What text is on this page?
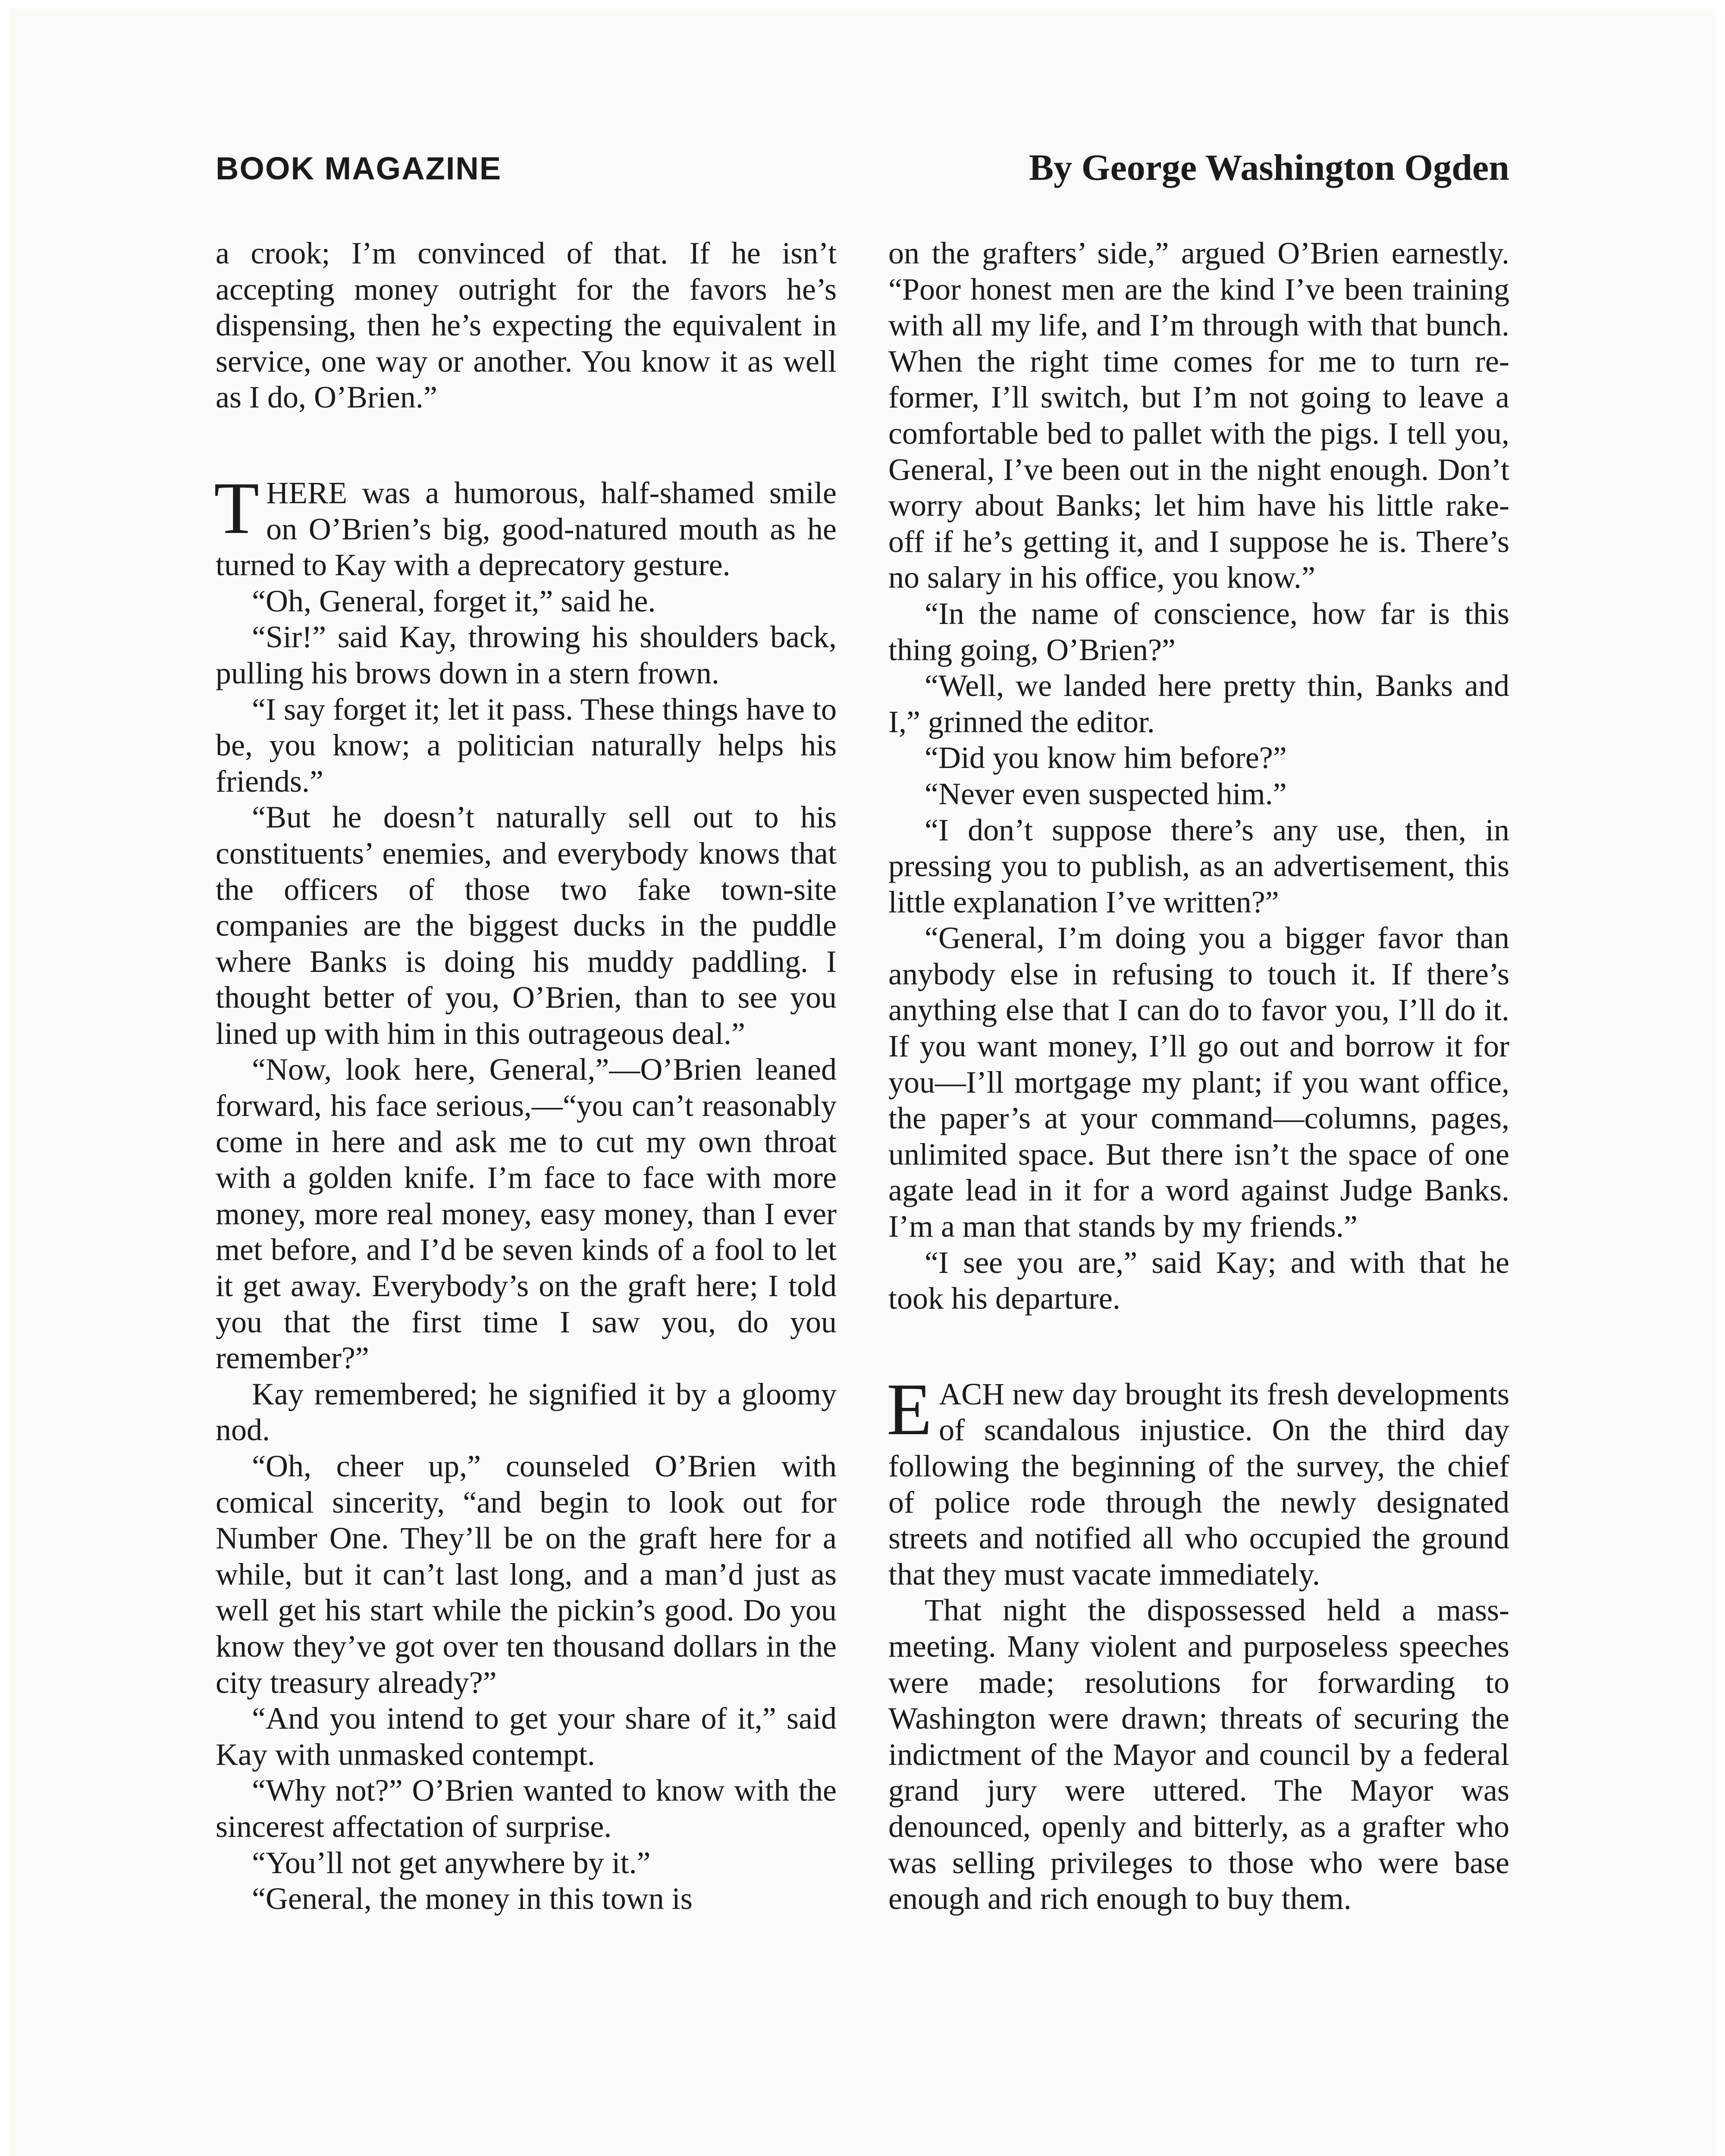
BOOK MAGAZINE	By George Washington Ogden

a crook; I’m convinced of that. If he isn’t accepting money outright for the favors he’s dispensing, then he’s expecting the equivalent in service, one way or another. You know it as well as I do, O’Brien.”

THERE was a humorous, half-shamed smile on O’Brien’s big, good-natured mouth as he turned to Kay with a deprecatory gesture.

“Oh, General, forget it,” said he.

“Sir!” said Kay, throwing his shoulders back, pulling his brows down in a stern frown.

“I say forget it; let it pass. These things have to be, you know; a politician naturally helps his friends.”

“But he doesn’t naturally sell out to his constituents’ enemies, and everybody knows that the officers of those two fake town-site companies are the biggest ducks in the puddle where Banks is doing his muddy paddling. I thought better of you, O’Brien, than to see you lined up with him in this outrageous deal.”

“Now, look here, General,”—O’Brien leaned forward, his face serious,—“you can’t reasonably come in here and ask me to cut my own throat with a golden knife. I’m face to face with more money, more real money, easy money, than I ever met before, and I’d be seven kinds of a fool to let it get away. Everybody’s on the graft here; I told you that the first time I saw you, do you remember?”

Kay remembered; he signified it by a gloomy nod.

“Oh, cheer up,” counseled O’Brien with comical sincerity, “and begin to look out for Number One. They’ll be on the graft here for a while, but it can’t last long, and a man’d just as well get his start while the pickin’s good. Do you know they’ve got over ten thousand dollars in the city treasury already?”

“And you intend to get your share of it,” said Kay with unmasked contempt.

“Why not?” O’Brien wanted to know with the sincerest affectation of surprise.

“You’ll not get anywhere by it.”

“General, the money in this town is

on the grafters’ side,” argued O’Brien earnestly. “Poor honest men are the kind I’ve been training with all my life, and I’m through with that bunch. When the right time comes for me to turn reformer, I’ll switch, but I’m not going to leave a comfortable bed to pallet with the pigs. I tell you, General, I’ve been out in the night enough. Don’t worry about Banks; let him have his little rake-off if he’s getting it, and I suppose he is. There’s no salary in his office, you know.”

“In the name of conscience, how far is this thing going, O’Brien?”

“Well, we landed here pretty thin, Banks and I,” grinned the editor.

“Did you know him before?”

“Never even suspected him.”

“I don’t suppose there’s any use, then, in pressing you to publish, as an advertisement, this little explanation I’ve written?”

“General, I’m doing you a bigger favor than anybody else in refusing to touch it. If there’s anything else that I can do to favor you, I’ll do it. If you want money, I’ll go out and borrow it for you—I’ll mortgage my plant; if you want office, the paper’s at your command—columns, pages, unlimited space. But there isn’t the space of one agate lead in it for a word against Judge Banks. I’m a man that stands by my friends.”

“I see you are,” said Kay; and with that he took his departure.

EACH new day brought its fresh developments of scandalous injustice. On the third day following the beginning of the survey, the chief of police rode through the newly designated streets and notified all who occupied the ground that they must vacate immediately.

That night the dispossessed held a mass-meeting. Many violent and purposeless speeches were made; resolutions for forwarding to Washington were drawn; threats of securing the indictment of the Mayor and council by a federal grand jury were uttered. The Mayor was denounced, openly and bitterly, as a grafter who was selling privileges to those who were base enough and rich enough to buy them.
